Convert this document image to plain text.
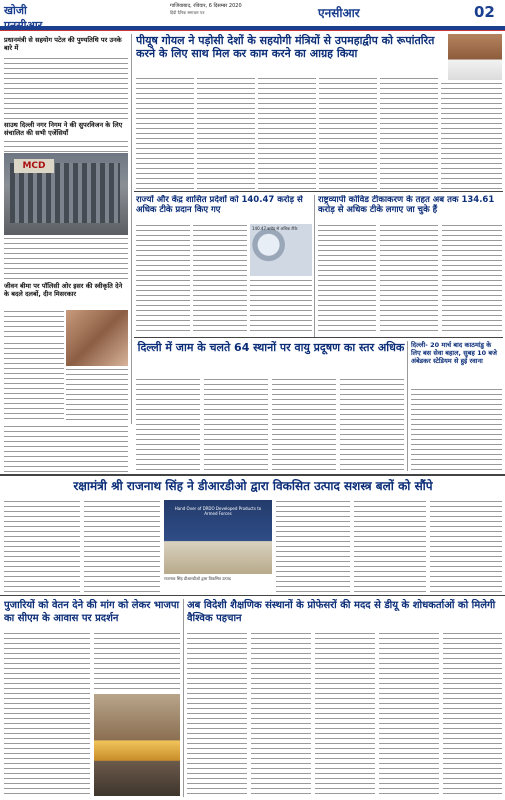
खोजी	गाजियाबाद, रविवार, 6 दिसम्बर 2020
हिंदी दैनिक समाचार पत्र	एनसीआर	02
प्रधानमंत्री से सहयोग पटेल की पुण्यतिथि पर उनके बारे में
साउथ दिल्ली नगर निगम ने की सुपरविजन के लिए संचालित की सभी एजेंसियाँ
MCD
जीवन बीमा पर पॉलिसी ओर इसर की स्वीकृति देने के बदले दलबों, दीन मिसरकार
पीयूष गोयल ने पड़ोसी देशों के सहयोगी मंत्रियों से उपमहाद्वीप को रूपांतरित करने के लिए साथ मिल कर काम करने का आग्रह किया
राज्यों और केंद्र शासित प्रदेशों को 140.47 करोड़ से अधिक टीके प्रदान किए गए
140.47 करोड़ से अधिक टीके
राष्ट्रव्यापी कोविड टीकाकरण के तहत अब तक 134.61 करोड़ से अधिक टीके लगाए जा चुके हैं
दिल्ली में जाम के चलते 64 स्थानों पर वायु प्रदूषण का स्तर अधिक दिल्ली- 20 मार्च बाद काठमांडु के लिए बस सेवा बहाल, सुबह 10 बजे अंबेडकर स्टेडियम से हुई रवाना
रक्षामंत्री श्री राजनाथ सिंह ने डीआरडीओ द्वारा विकसित उत्पाद सशस्त्र बलों को सौंपे
Hand Over of DRDO Developed Products to Armed Forces
राजनाथ सिंह डीआरडीओ द्वारा विकसित उत्पाद
पुजारियों को वेतन देने की मांग को लेकर भाजपा का सीएम के आवास पर प्रदर्शन
अब विदेशी शैक्षणिक संस्थानों के प्रोफेसरों की मदद से डीयू के शोधकर्ताओं को मिलेगी वैश्विक पहचान
